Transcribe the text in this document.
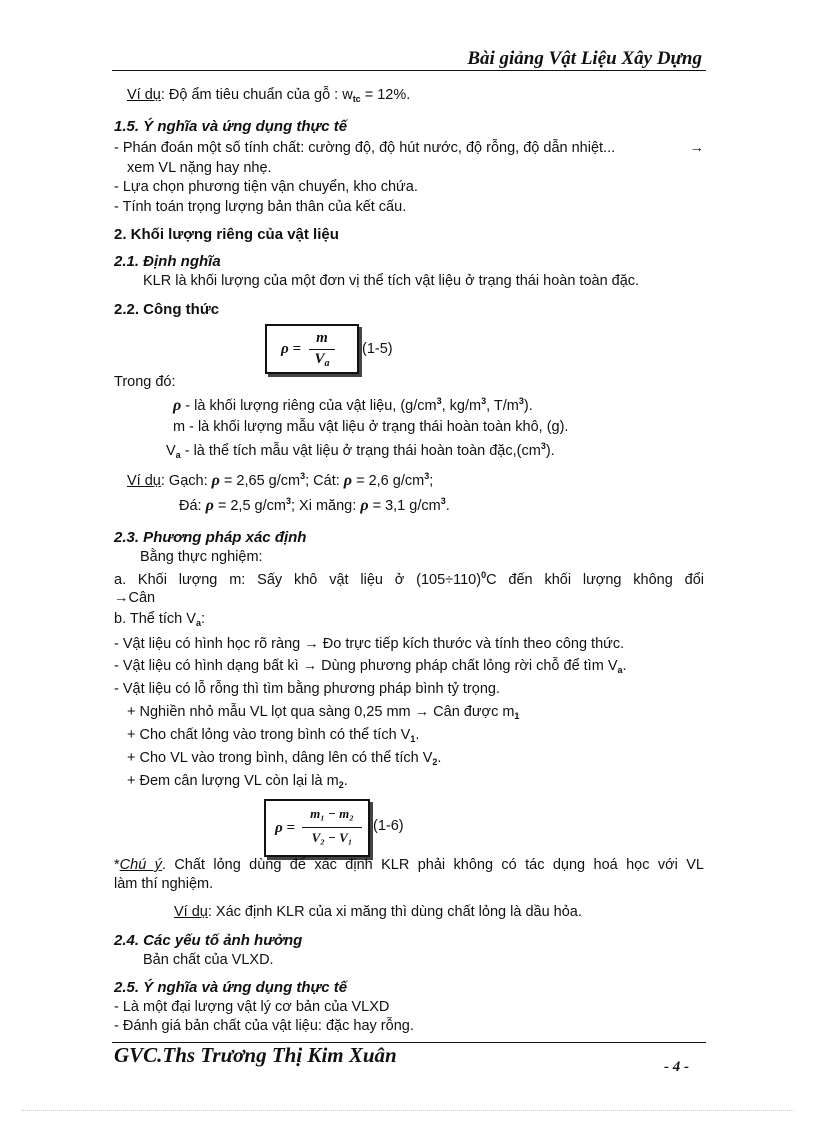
Bài giảng Vật Liệu Xây Dựng
Ví dụ: Độ ẩm tiêu chuẩn của gỗ : $w_{tc} = 12\%$.
1.5. Ý nghĩa và ứng dụng thực tế
- Phán đoán một số tính chất: cường độ, độ hút nước, độ rỗng, độ dẫn nhiệt...	→
xem VL nặng hay nhẹ.
- Lựa chọn phương tiện vận chuyển, kho chứa.
- Tính toán trọng lượng bản thân của kết cấu.
2. Khối lượng riêng của vật liệu
2.1. Định nghĩa
KLR là khối lượng của một đơn vị thể tích vật liệu ở trạng thái hoàn toàn đặc.
2.2. Công thức
ρ =
m
$V_a$
(1-5)
Trong đó:
ρ - là khối lượng riêng của vật liệu, ($g/cm^3$, $kg/m^3$, $T/m^3$).
m - là khối lượng mẫu vật liệu ở trạng thái hoàn toàn khô, (g).
$V_a$ - là thể tích mẫu vật liệu ở trạng thái hoàn toàn $đặc,(cm^3)$.
Ví dụ: Gạch: ρ = 2,65 $g/cm^3$; Cát: ρ = 2,6 $g/cm^3$;
Đá: ρ = 2,5 $g/cm^3$; Xi măng: ρ = 3,1 $g/cm^3$.
2.3. Phương pháp xác định
Bằng thực nghiệm:
a. Khối lượng m: Sấy khô vật liệu ở $(105\div 110)^0C$ đến khối lượng không đổi
→Cân
b. Thể tích $V_a$:
- Vật liệu có hình học rõ ràng → Đo trực tiếp kích thước và tính theo công thức.
- Vật liệu có hình dạng bất kì → Dùng phương pháp chất lỏng rời chỗ để tìm $V_a$.
- Vật liệu có lỗ rỗng thì tìm bằng phương pháp bình tỷ trọng.
+ Nghiền nhỏ mẫu VL lọt qua sàng 0,25 mm → Cân được $m_1$
+ Cho chất lỏng vào trong bình có thể tích $V_1$.
+ Cho VL vào trong bình, dâng lên có thể tích $V_2$.
+ Đem cân lượng VL còn lại là $m_2$.
ρ =
m₁ − m₂
V₂ − V₁
(1-6)
*Chú ý. Chất lỏng dùng để xác định KLR phải không có tác dụng hoá học với VL
làm thí nghiệm.
Ví dụ: Xác định KLR của xi măng thì dùng chất lỏng là dầu hỏa.
2.4. Các yếu tố ảnh hưởng
Bản chất của VLXD.
2.5. Ý nghĩa và ứng dụng thực tế
- Là một đại lượng vật lý cơ bản của VLXD
- Đánh giá bản chất của vật liệu: đặc hay rỗng.
GVC.Ths Trương Thị Kim Xuân	- 4 -
